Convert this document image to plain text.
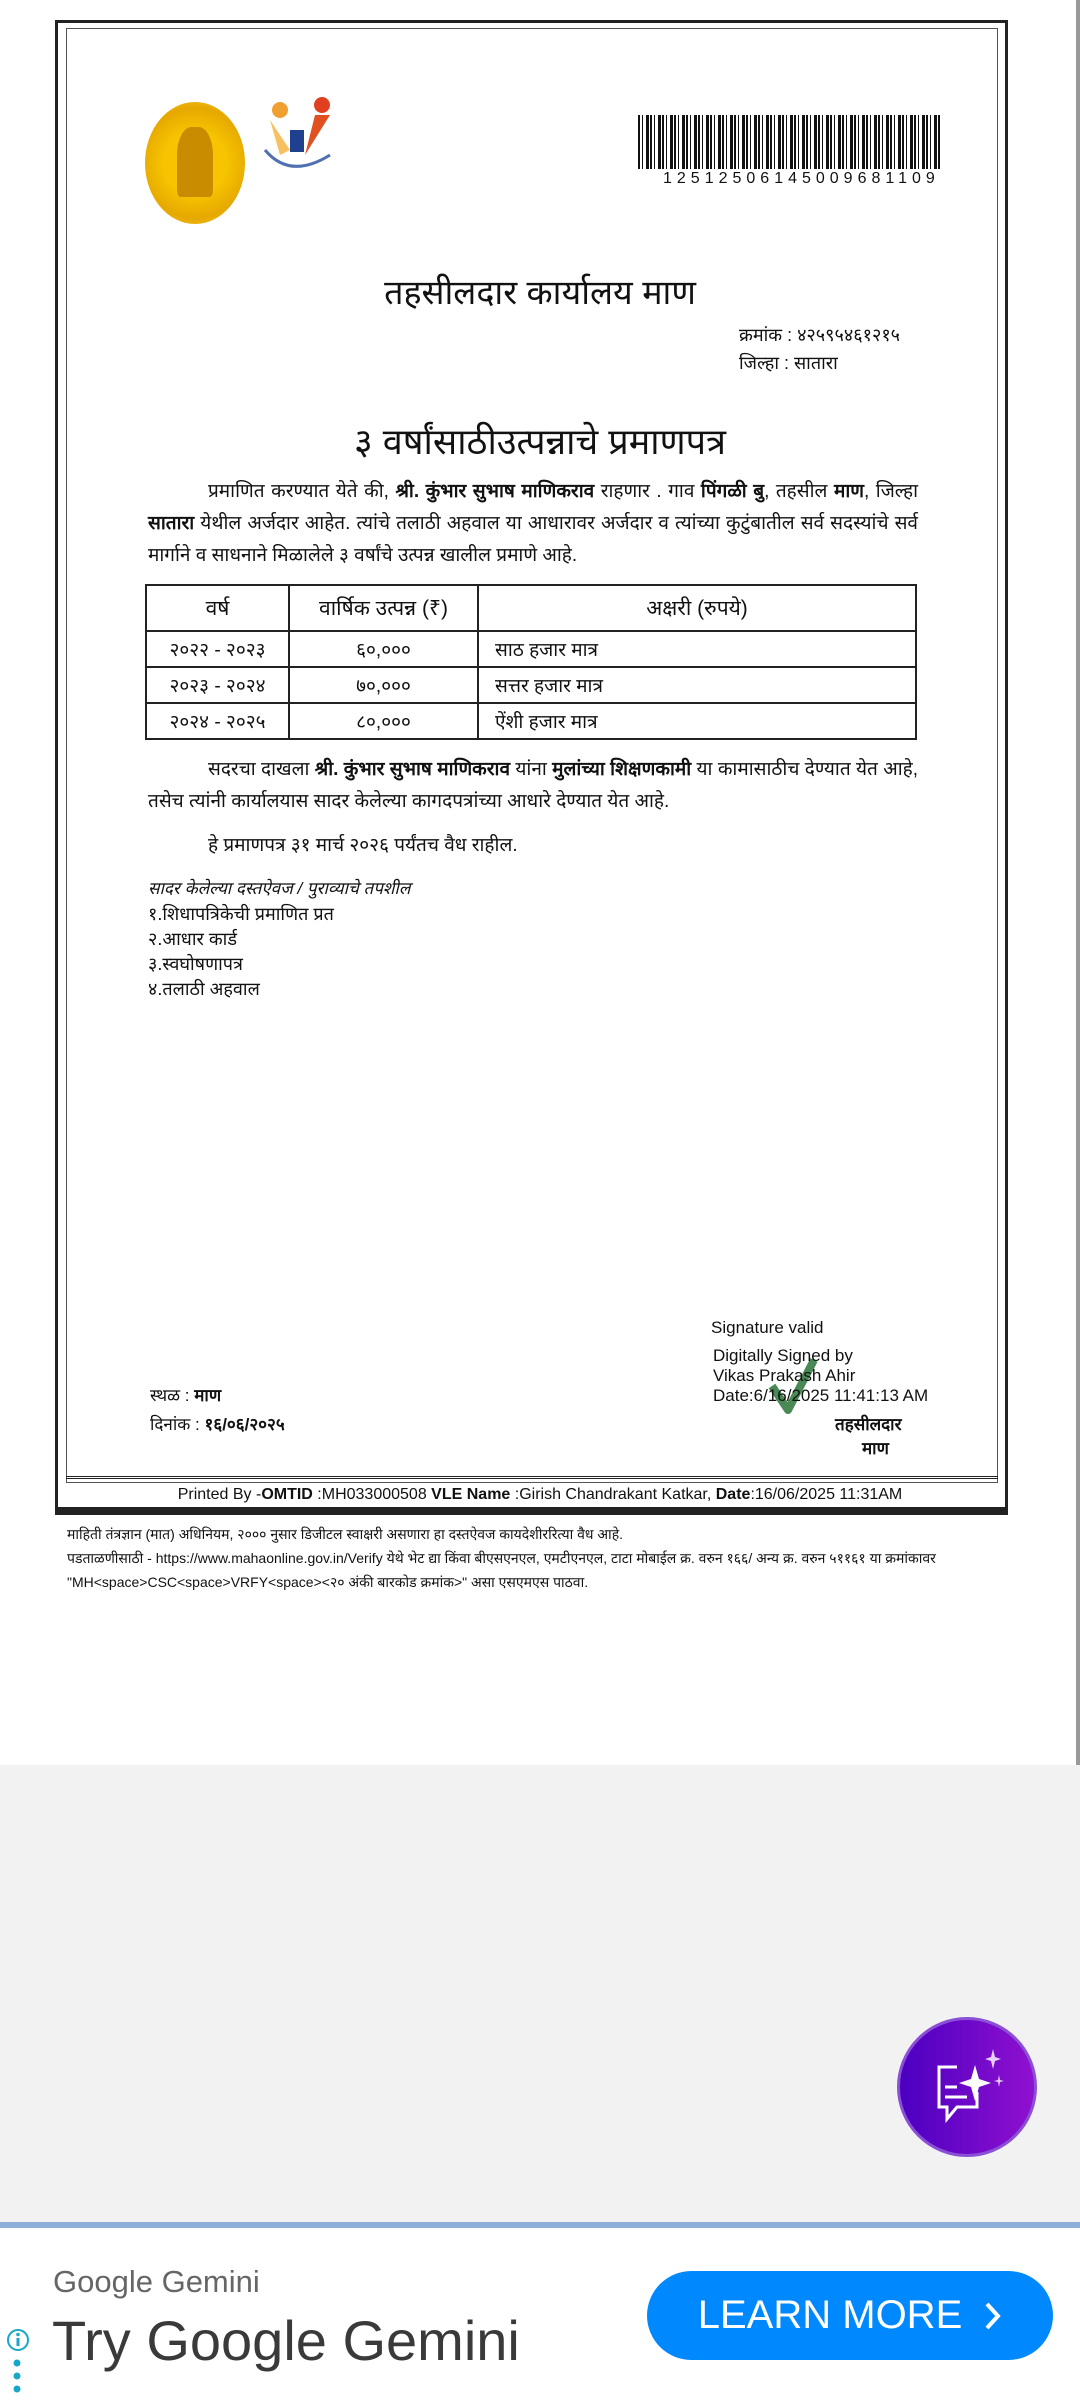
12512506145009681109
तहसीलदार कार्यालय माण
क्रमांक : ४२५९५४६१२१५
जिल्हा : सातारा
३ वर्षांसाठीउत्पन्नाचे प्रमाणपत्र

प्रमाणित करण्यात येते की, श्री. कुंभार सुभाष माणिकराव राहणार . गाव पिंगळी बु, तहसील माण, जिल्हा सातारा येथील अर्जदार आहेत. त्यांचे तलाठी अहवाल या आधारावर अर्जदार व त्यांच्या कुटुंबातील सर्व सदस्यांचे सर्व मार्गाने व साधनाने मिळालेले ३ वर्षांचे उत्पन्न खालील प्रमाणे आहे.

वर्ष	वार्षिक उत्पन्न (₹)	अक्षरी (रुपये)
२०२२ - २०२३	६०,०००	साठ हजार मात्र
२०२३ - २०२४	७०,०००	सत्तर हजार मात्र
२०२४ - २०२५	८०,०००	ऐंशी हजार मात्र

सदरचा दाखला श्री. कुंभार सुभाष माणिकराव यांना मुलांच्या शिक्षणकामी या कामासाठीच देण्यात येत आहे, तसेच त्यांनी कार्यालयास सादर केलेल्या कागदपत्रांच्या आधारे देण्यात येत आहे.

हे प्रमाणपत्र ३१ मार्च २०२६ पर्यंतच वैध राहील.

सादर केलेल्या दस्तऐवज / पुराव्याचे तपशील
१.शिधापत्रिकेची प्रमाणित प्रत
२.आधार कार्ड
३.स्वघोषणापत्र
४.तलाठी अहवाल
स्थळ : माण
दिनांक : १६/०६/२०२५
Signature valid
Digitally Signed by
Vikas Prakash Ahir
Date:6/16/2025 11:41:13 AM
तहसीलदार
माण
Printed By -OMTID :MH033000508 VLE Name :Girish Chandrakant Katkar, Date:16/06/2025 11:31AM
माहिती तंत्रज्ञान (मात) अधिनियम, २००० नुसार डिजीटल स्वाक्षरी असणारा हा दस्तऐवज कायदेशीररित्या वैध आहे.
पडताळणीसाठी - https://www.mahaonline.gov.in/Verify येथे भेट द्या किंवा बीएसएनएल, एमटीएनएल, टाटा मोबाईल क्र. वरुन १६६/ अन्य क्र. वरुन ५११६१ या क्रमांकावर
"MH<space>CSC<space>VRFY<space><२० अंकी बारकोड क्रमांक>" असा एसएमएस पाठवा.
Google Gemini
Try Google Gemini	LEARN MORE
